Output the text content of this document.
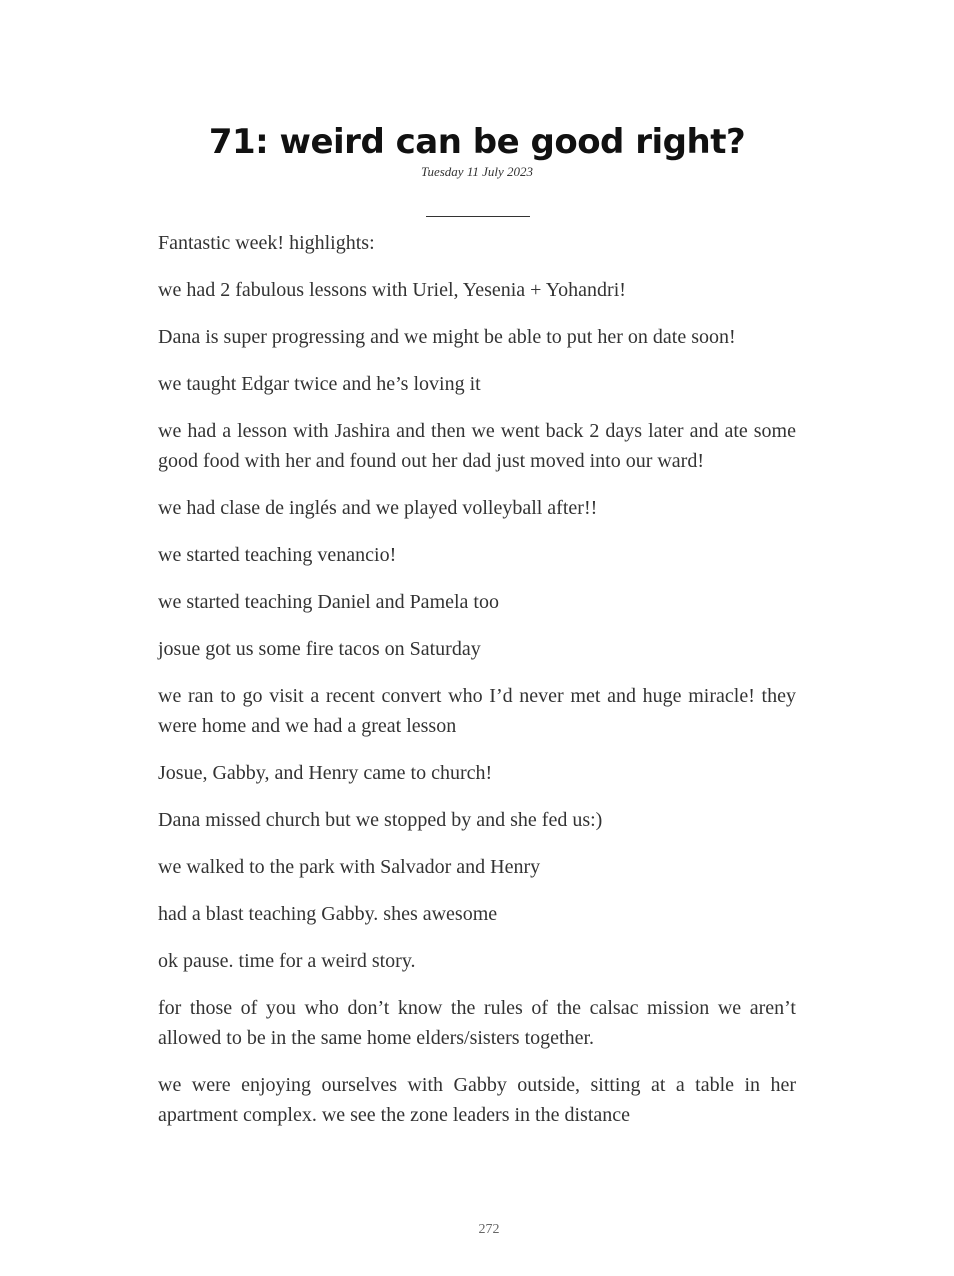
71: weird can be good right?
Tuesday 11 July 2023

Fantastic week! highlights:

we had 2 fabulous lessons with Uriel, Yesenia + Yohandri!

Dana is super progressing and we might be able to put her on date soon!

we taught Edgar twice and he’s loving it

we had a lesson with Jashira and then we went back 2 days later and ate some good food with her and found out her dad just moved into our ward!

we had clase de inglés and we played volleyball after!!

we started teaching venancio!

we started teaching Daniel and Pamela too

josue got us some fire tacos on Saturday

we ran to go visit a recent convert who I’d never met and huge miracle! they were home and we had a great lesson

Josue, Gabby, and Henry came to church!

Dana missed church but we stopped by and she fed us:)

we walked to the park with Salvador and Henry

had a blast teaching Gabby. shes awesome

ok pause. time for a weird story.

for those of you who don’t know the rules of the calsac mission we aren’t allowed to be in the same home elders/sisters together.

we were enjoying ourselves with Gabby outside, sitting at a table in her apartment complex. we see the zone leaders in the distance

272
